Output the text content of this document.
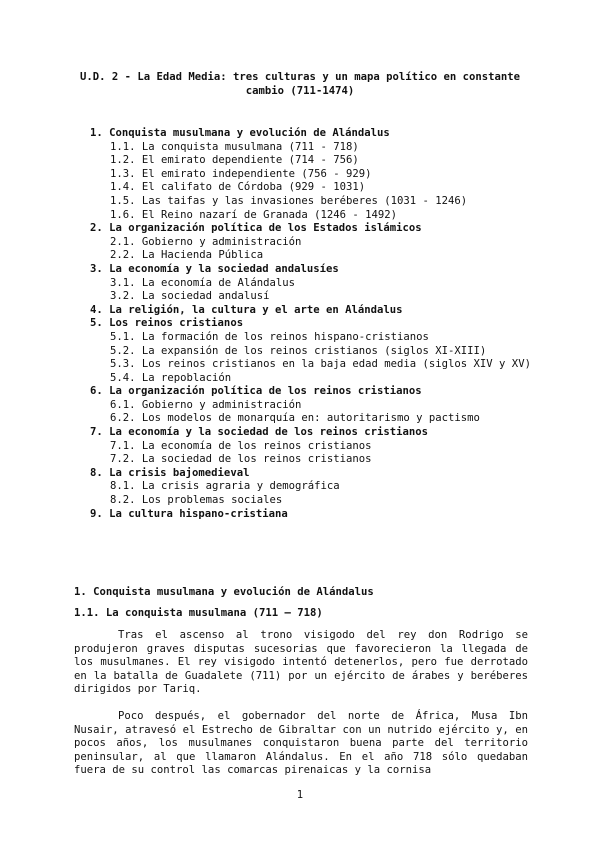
U.D. 2 - La Edad Media: tres culturas y un mapa político en constante cambio (711-1474)
1. Conquista musulmana y evolución de Alándalus
1.1. La conquista musulmana (711 - 718)
1.2. El emirato dependiente (714 - 756)
1.3. El emirato independiente (756 - 929)
1.4. El califato de Córdoba (929 - 1031)
1.5. Las taifas y las invasiones beréberes (1031 - 1246)
1.6. El Reino nazarí de Granada (1246 - 1492)
2. La organización política de los Estados islámicos
2.1. Gobierno y administración
2.2. La Hacienda Pública
3. La economía y la sociedad andalusíes
3.1. La economía de Alándalus
3.2. La sociedad andalusí
4. La religión, la cultura y el arte en Alándalus
5. Los reinos cristianos
5.1. La formación de los reinos hispano-cristianos
5.2. La expansión de los reinos cristianos (siglos XI-XIII)
5.3. Los reinos cristianos en la baja edad media (siglos XIV y XV)
5.4. La repoblación
6. La organización política de los reinos cristianos
6.1. Gobierno y administración
6.2. Los modelos de monarquía en: autoritarismo y pactismo
7. La economía y la sociedad de los reinos cristianos
7.1. La economía de los reinos cristianos
7.2. La sociedad de los reinos cristianos
8. La crisis bajomedieval
8.1. La crisis agraria y demográfica
8.2. Los problemas sociales
9. La cultura hispano-cristiana
1. Conquista musulmana y evolución de Alándalus
1.1. La conquista musulmana (711 – 718)

Tras el ascenso al trono visigodo del rey don Rodrigo se produjeron graves disputas sucesorias que favorecieron la llegada de los musulmanes. El rey visigodo intentó detenerlos, pero fue derrotado en la batalla de Guadalete (711) por un ejército de árabes y beréberes dirigidos por Tariq.

Poco después, el gobernador del norte de África, Musa Ibn Nusair, atravesó el Estrecho de Gibraltar con un nutrido ejército y, en pocos años, los musulmanes conquistaron buena parte del territorio peninsular, al que llamaron Alándalus. En el año 718 sólo quedaban fuera de su control las comarcas pirenaicas y la cornisa

1
